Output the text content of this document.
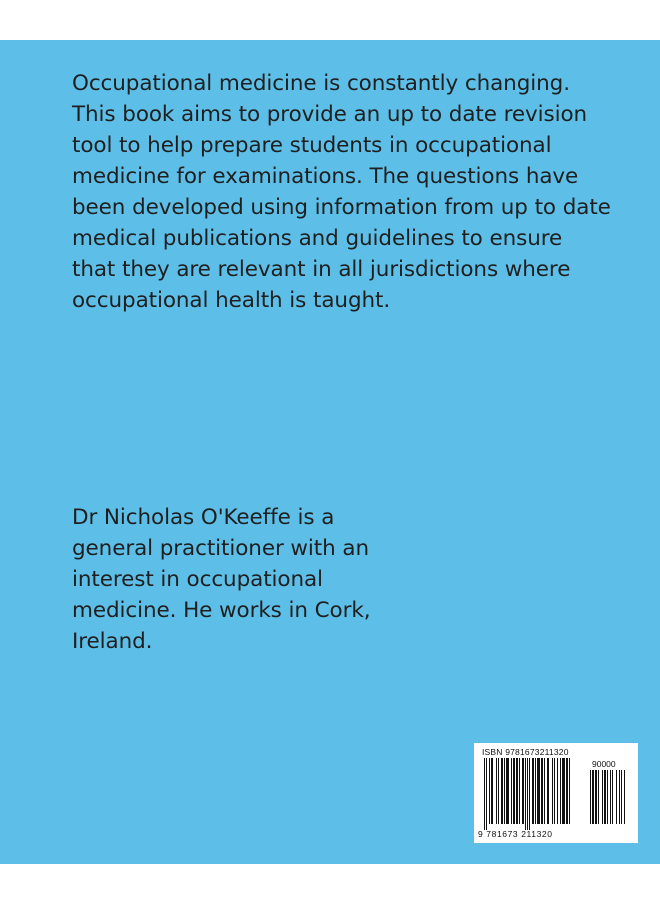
Occupational medicine is constantly changing. This book aims to provide an up to date revision tool to help prepare students in occupational medicine for examinations. The questions have been developed using information from up to date medical publications and guidelines to ensure that they are relevant in all jurisdictions where occupational health is taught.

Dr Nicholas O'Keeffe is a general practitioner with an interest in occupational medicine. He works in Cork, Ireland.

ISBN 9781673211320
90000
9 781673 211320
